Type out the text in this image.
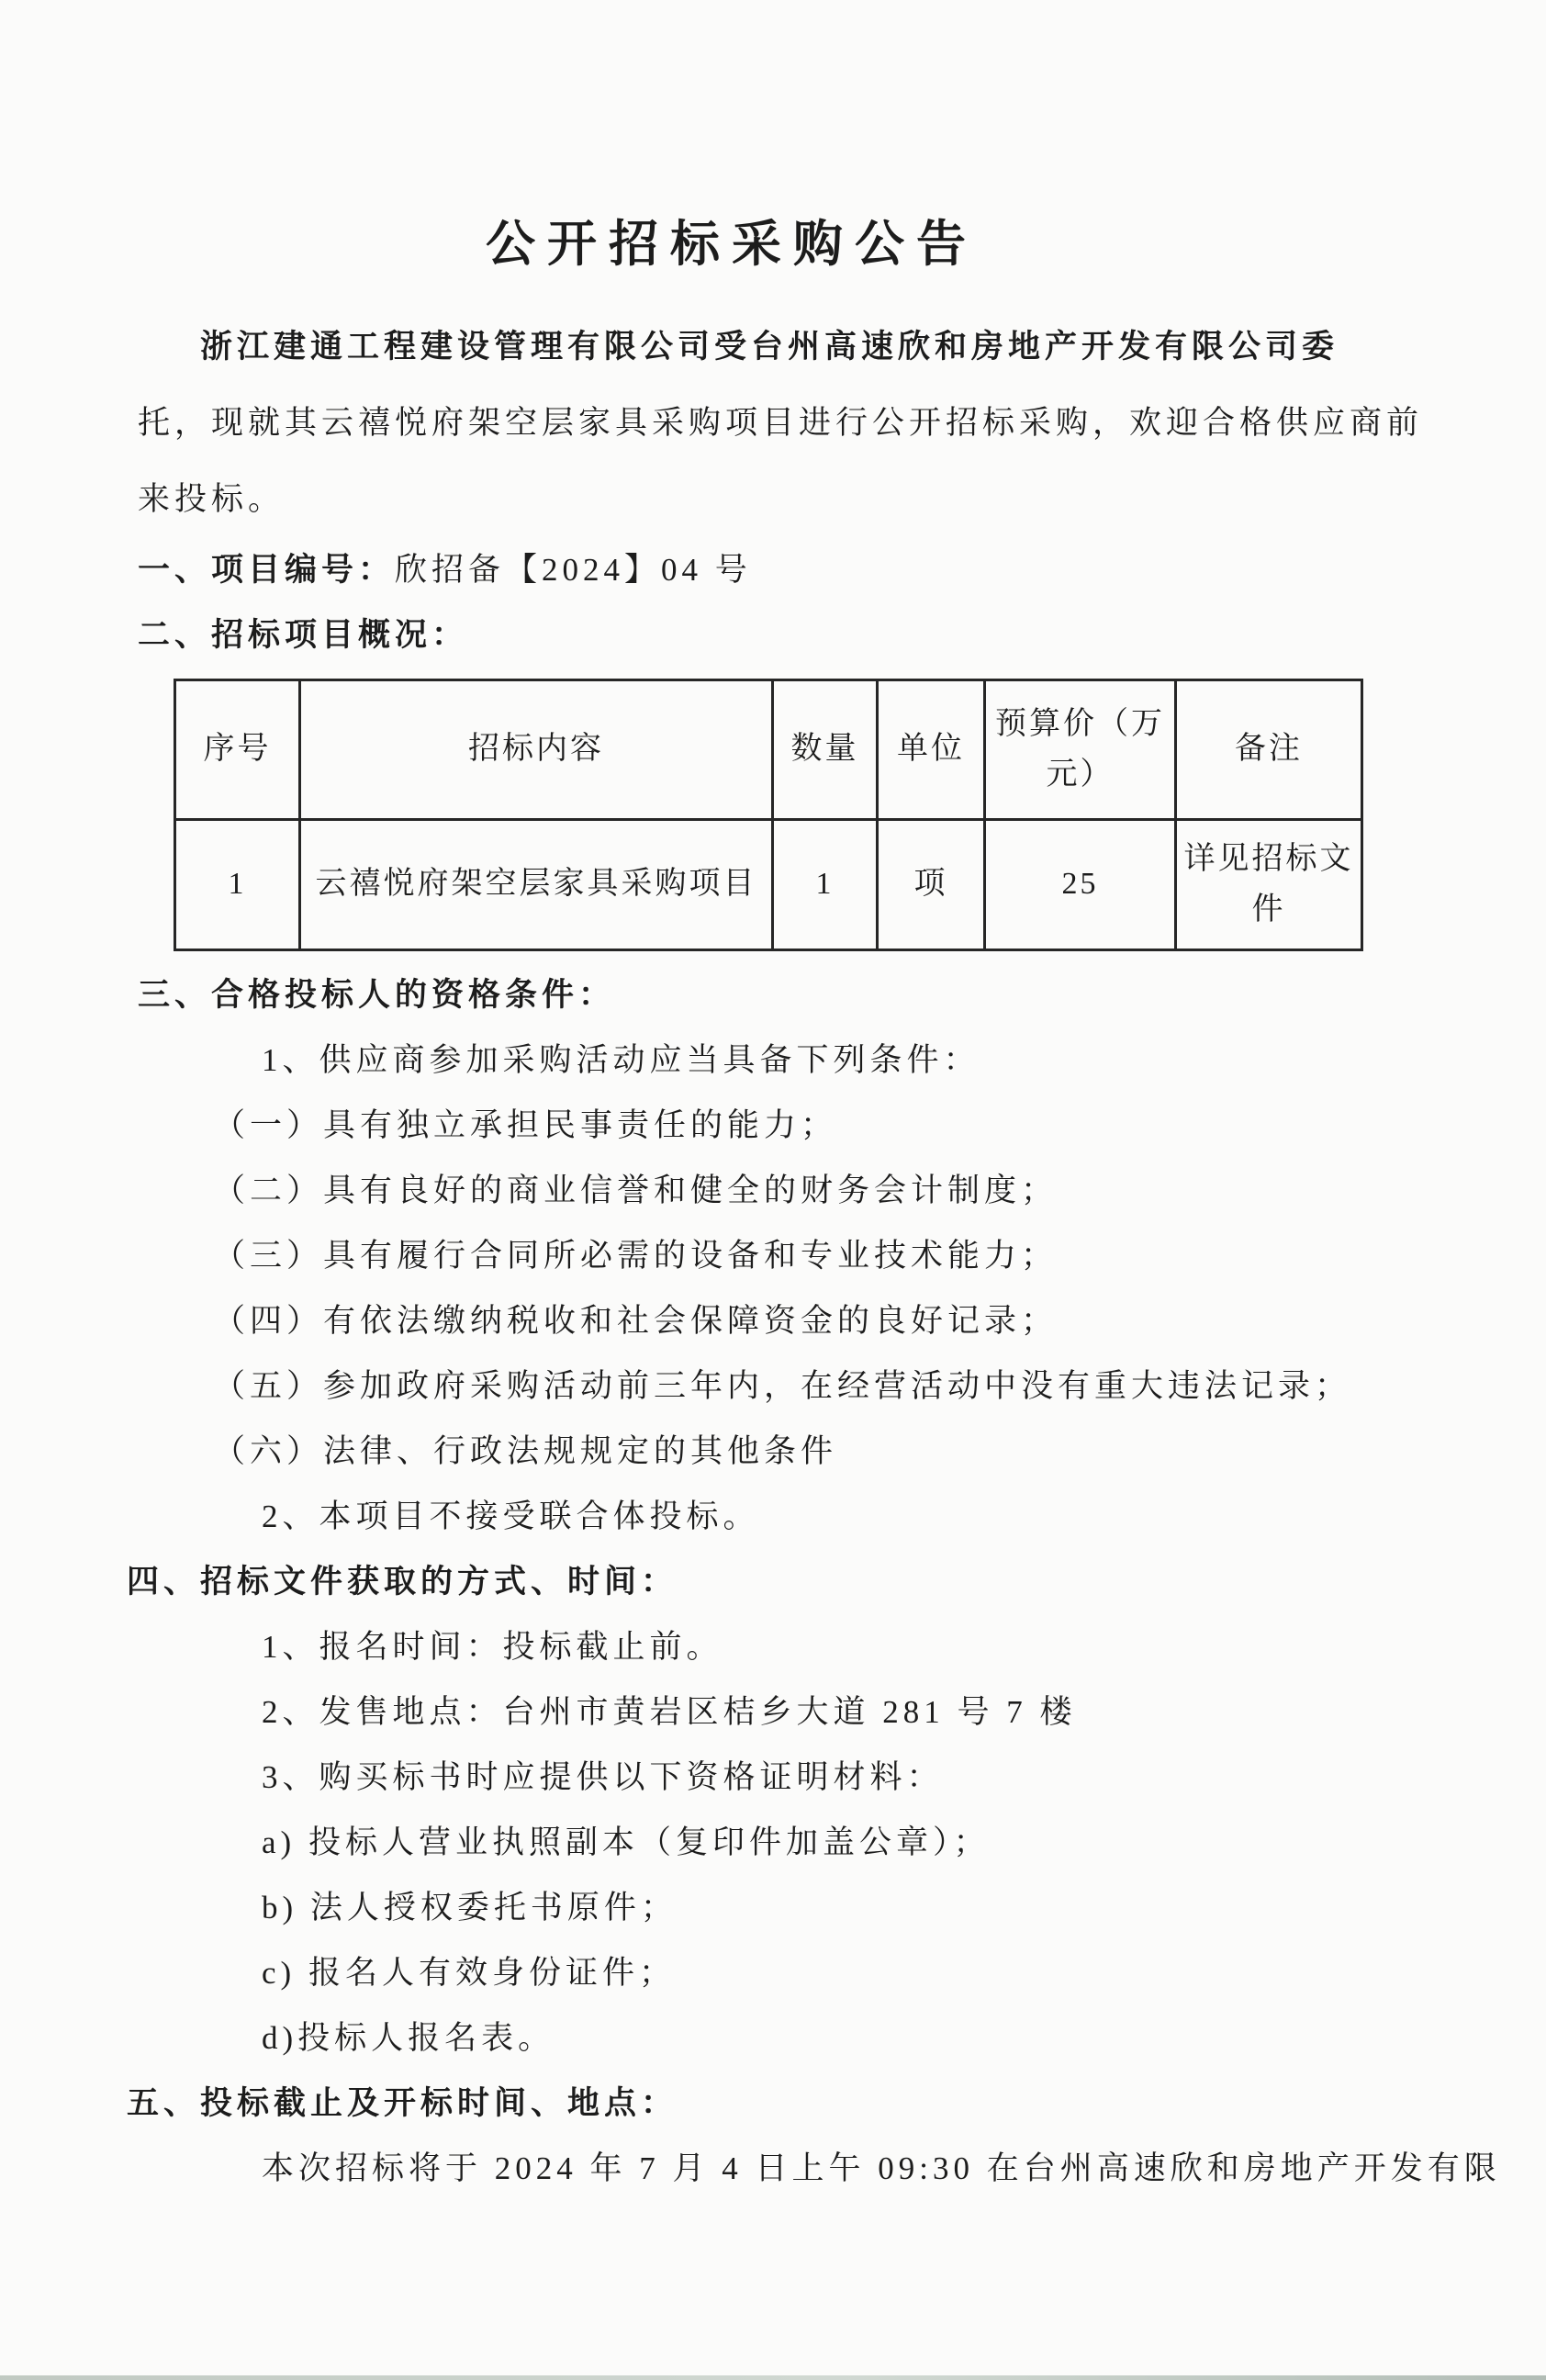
公开招标采购公告

浙江建通工程建设管理有限公司受台州高速欣和房地产开发有限公司委

托，现就其云禧悦府架空层家具采购项目进行公开招标采购，欢迎合格供应商前

来投标。

一、项目编号：欣招备【2024】04 号

二、招标项目概况：

序号	招标内容	数量	单位	预算价（万元）	备注
1	云禧悦府架空层家具采购项目	1	项	25	详见招标文件

三、合格投标人的资格条件：

1、供应商参加采购活动应当具备下列条件：

（一）具有独立承担民事责任的能力；

（二）具有良好的商业信誉和健全的财务会计制度；

（三）具有履行合同所必需的设备和专业技术能力；

（四）有依法缴纳税收和社会保障资金的良好记录；

（五）参加政府采购活动前三年内，在经营活动中没有重大违法记录；

（六）法律、行政法规规定的其他条件

2、本项目不接受联合体投标。

四、招标文件获取的方式、时间：

1、报名时间：投标截止前。

2、发售地点：台州市黄岩区桔乡大道 281 号 7 楼

3、购买标书时应提供以下资格证明材料：

a) 投标人营业执照副本（复印件加盖公章）；

b) 法人授权委托书原件；

c) 报名人有效身份证件；

d)投标人报名表。

五、投标截止及开标时间、地点：

本次招标将于 2024 年 7 月 4 日上午 09:30 在台州高速欣和房地产开发有限
